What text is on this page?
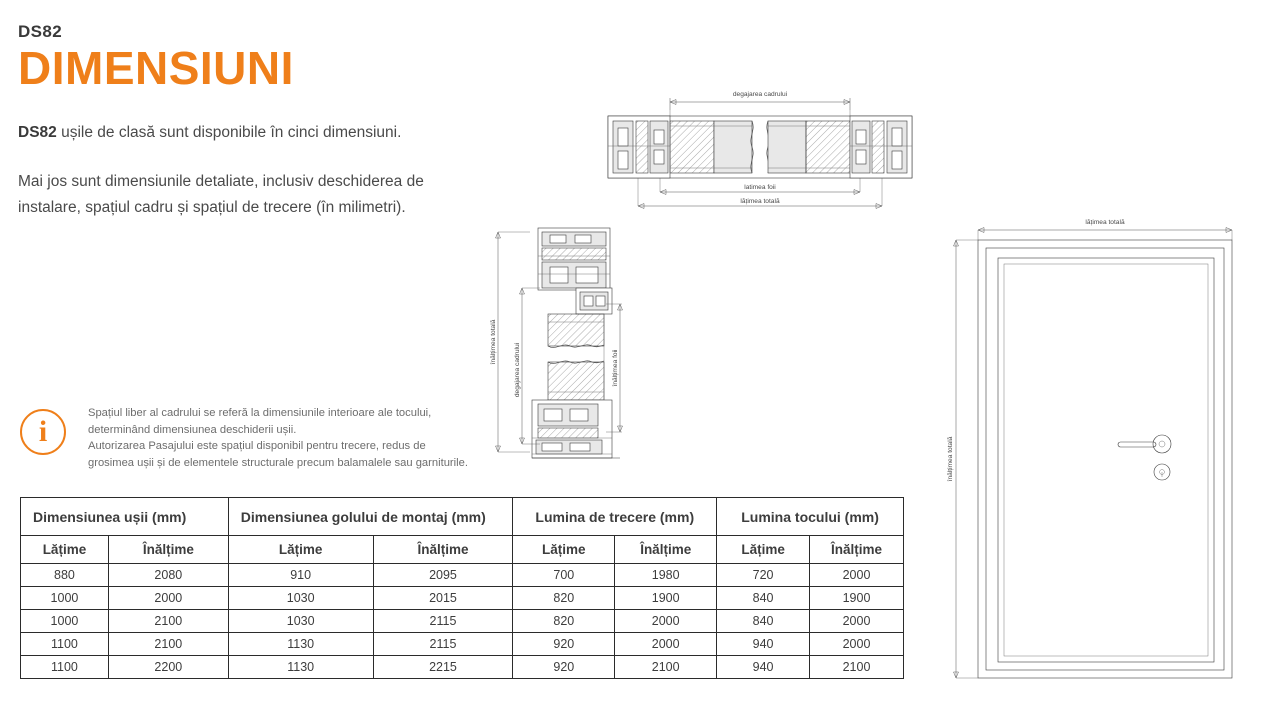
DS82
DIMENSIUNI

DS82 ușile de clasă sunt disponibile în cinci dimensiuni.

Mai jos sunt dimensiunile detaliate, inclusiv deschiderea de instalare, spațiul cadru și spațiul de trecere (în milimetri).

i

Spațiul liber al cadrului se referă la dimensiunile interioare ale tocului, determinând dimensiunea deschiderii ușii.

Autorizarea Pasajului este spațiul disponibil pentru trecere, redus de grosimea ușii și de elementele structurale precum balamalele sau garniturile.

Dimensiunea ușii (mm)		Dimensiunea golului de montaj (mm)		Lumina de trecere (mm)		Lumina tocului (mm)	
Lățime	Înălțime	Lățime	Înălțime	Lățime	Înălțime	Lățime	Înălțime
880	2080	910	2095	700	1980	720	2000
1000	2000	1030	2015	820	1900	840	1900
1000	2100	1030	2115	820	2000	840	2000
1100	2100	1130	2115	920	2000	940	2000
1100	2200	1130	2215	920	2100	940	2100
degajarea cadrului
latimea foii
lățimea totală
înălțimea totală
degajarea cadrului	înălțimea foii
lățimea totală
înălțimea totală
